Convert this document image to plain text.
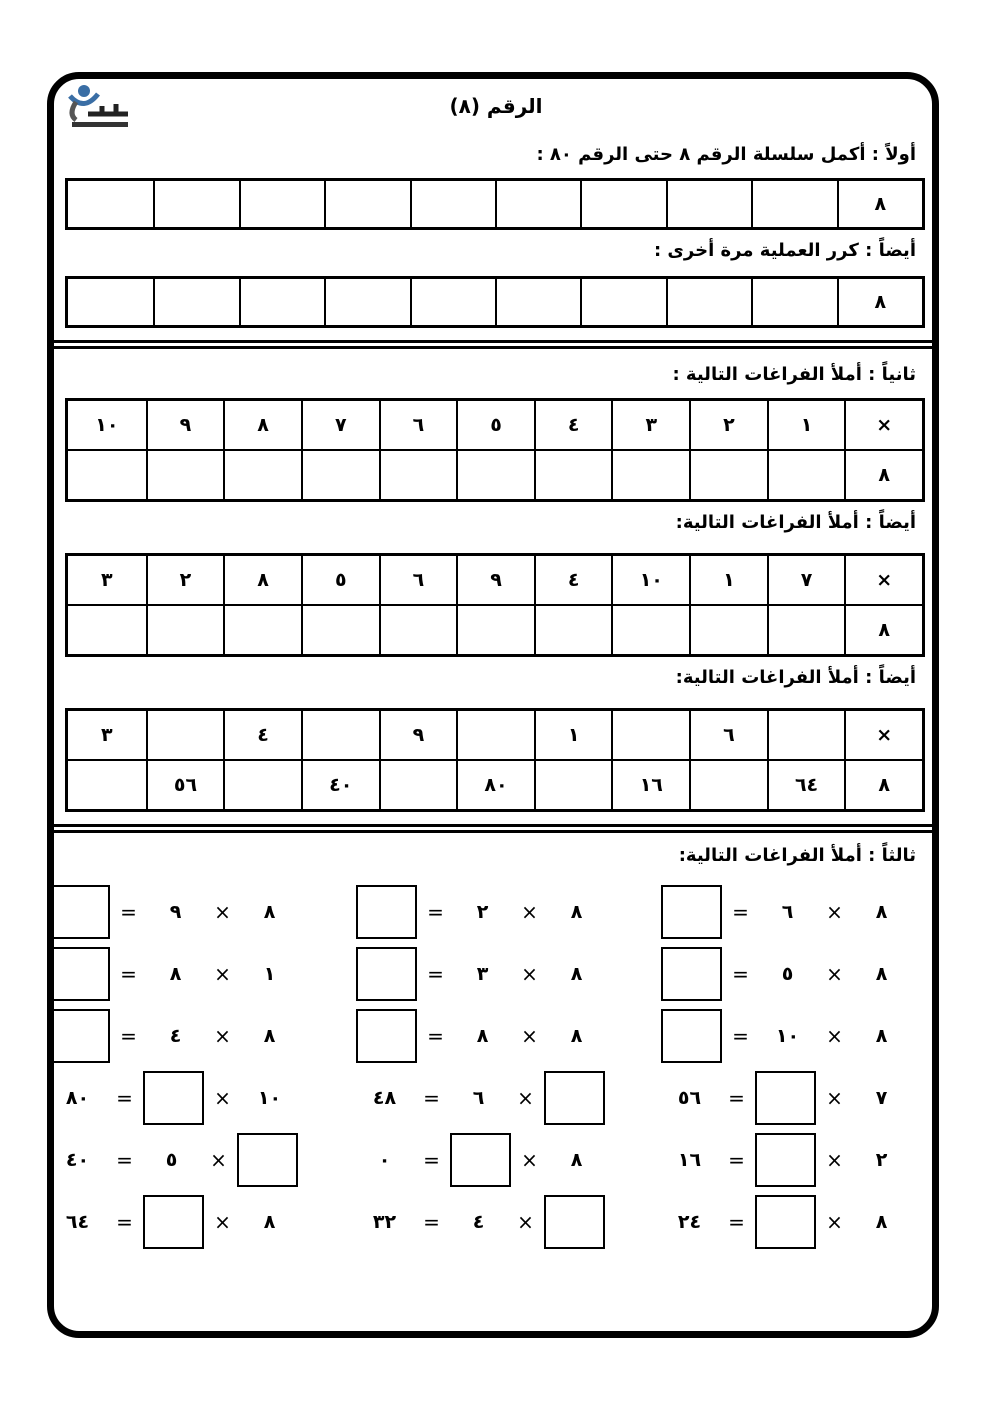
الرقم (٨)
أولاً : أكمل سلسلة الرقم ٨ حتى الرقم ٨٠ :
٨
أيضاً : كرر العملية مرة أخرى :
٨
ثانياً : أملأ الفراغات التالية :
×
١
٢
٣
٤
٥
٦
٧
٨
٩
١٠
٨
أيضاً : أملأ الفراغات التالية:
×
٧
١
١٠
٤
٩
٦
٥
٨
٢
٣
٨
أيضاً : أملأ الفراغات التالية:
×
٦
١
٩
٤
٣
٨
٦٤
١٦
٨٠
٤٠
٥٦
ثالثاً : أملأ الفراغات التالية:
٨
×
٦
=
٨
×
٢
=
٨
×
٩
=
٨
×
٥
=
٨
×
٣
=
١
×
٨
=
٨
×
١٠
=
٨
×
٨
=
٨
×
٤
=
٧
×
=
٥٦
×
٦
=
٤٨
١٠
×
=
٨٠
٢
×
=
١٦
٨
×
=
٠
×
٥
=
٤٠
٨
×
=
٢٤
×
٤
=
٣٢
٨
×
=
٦٤
